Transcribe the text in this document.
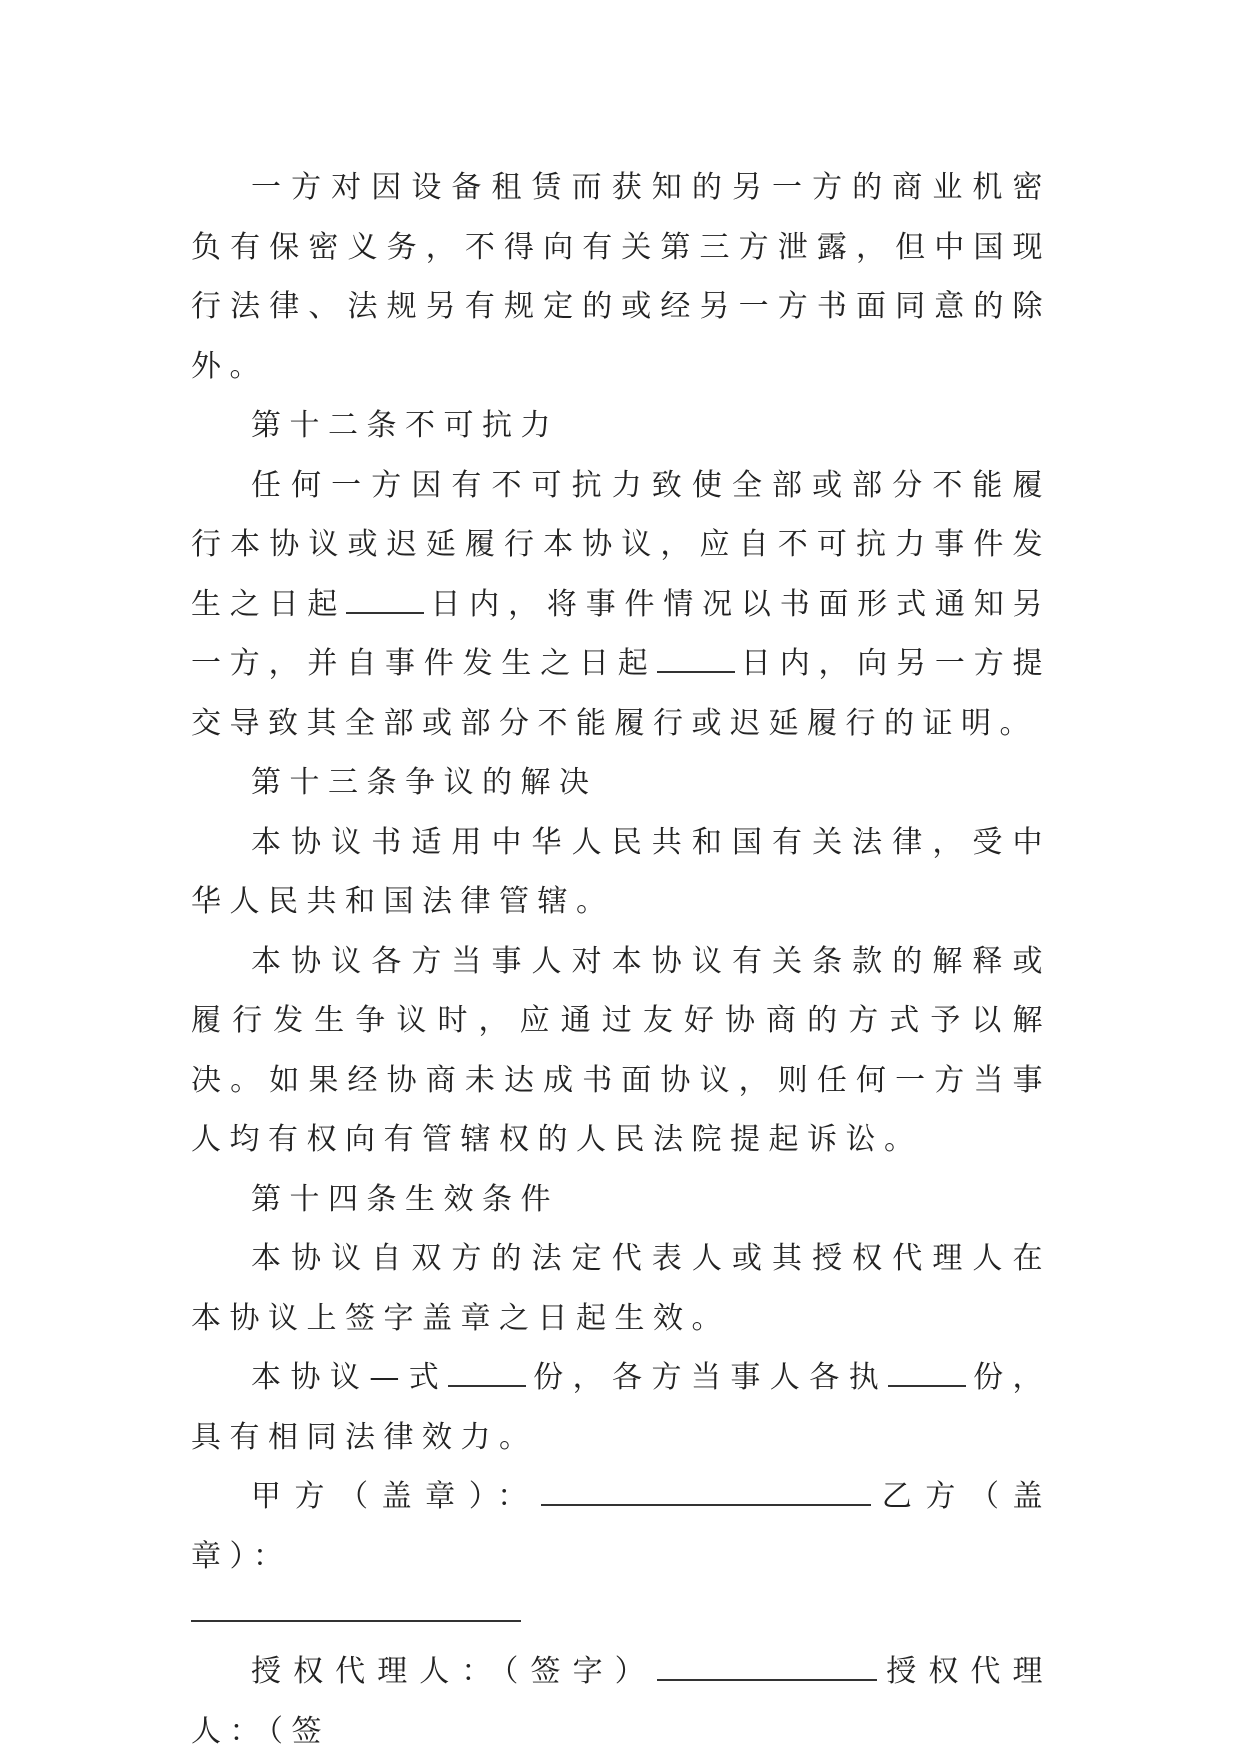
一方对因设备租赁而获知的另一方的商业机密负有保密义务，不得向有关第三方泄露，但中国现行法律、法规另有规定的或经另一方书面同意的除外。

第十二条不可抗力

任何一方因有不可抗力致使全部或部分不能履行本协议或迟延履行本协议，应自不可抗力事件发生之日起	日内，将事件情况以书面形式通知另一方，并自事件发生之日起	日内，向另一方提交导致其全部或部分不能履行或迟延履行的证明。

第十三条争议的解决

本协议书适用中华人民共和国有关法律，受中华人民共和国法律管辖。

本协议各方当事人对本协议有关条款的解释或履行发生争议时，应通过友好协商的方式予以解决。如果经协商未达成书面协议，则任何一方当事人均有权向有管辖权的人民法院提起诉讼。

第十四条生效条件

本协议自双方的法定代表人或其授权代理人在本协议上签字盖章之日起生效。

本协议—式	份，各方当事人各执	份，具有相同法律效力。

甲方（盖章）：	乙方（盖章）：

授权代理人：（签字）	授权代理人：（签
